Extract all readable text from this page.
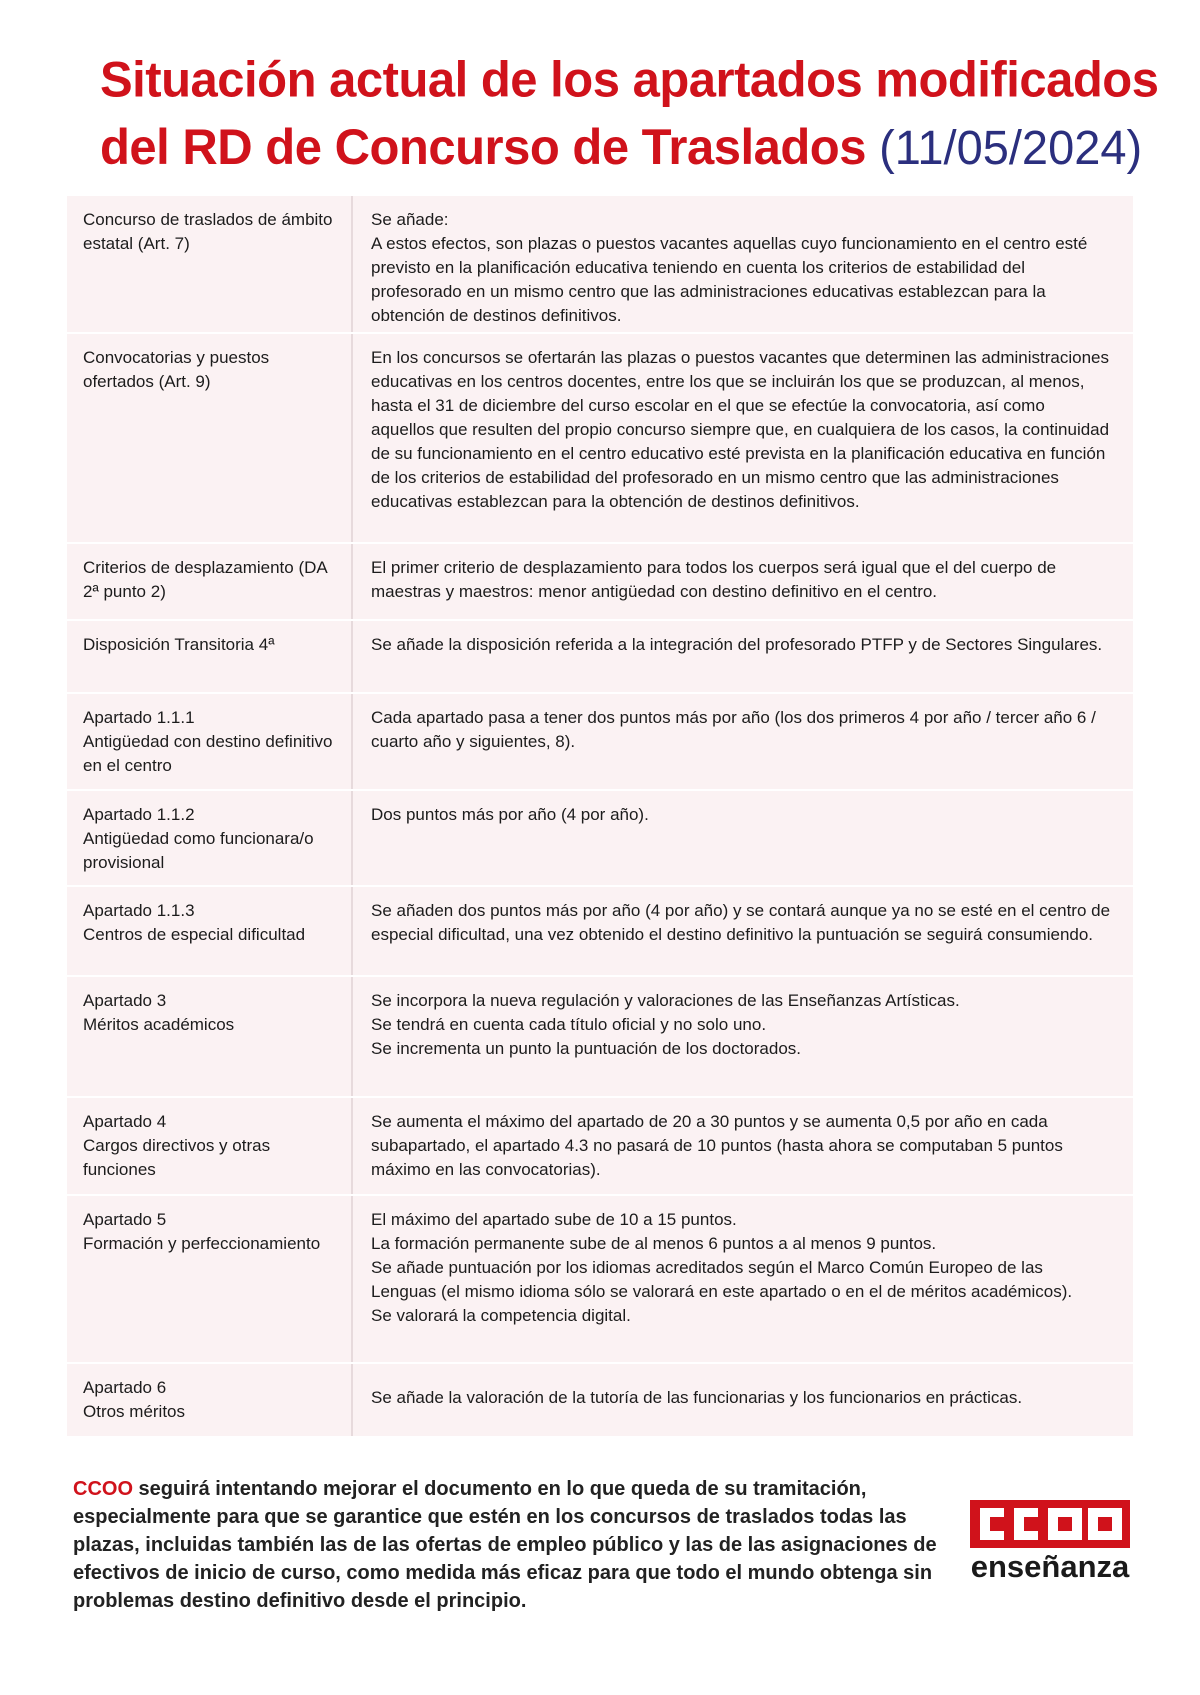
Situación actual de los apartados modificados
del RD de Concurso de Traslados (11/05/2024)
Concurso de traslados de ámbito estatal (Art. 7)	Se añade:
A estos efectos, son plazas o puestos vacantes aquellas cuyo funcionamiento en el centro esté previsto en la planificación educativa teniendo en cuenta los criterios de estabilidad del profesorado en un mismo centro que las administraciones educativas establezcan para la obtención de destinos definitivos.

Convocatorias y puestos ofertados (Art. 9)	En los concursos se ofertarán las plazas o puestos vacantes que determinen las administraciones educativas en los centros docentes, entre los que se incluirán los que se produzcan, al menos, hasta el 31 de diciembre del curso escolar en el que se efectúe la convocatoria, así como aquellos que resulten del propio concurso siempre que, en cualquiera de los casos, la continuidad de su funcionamiento en el centro educativo esté prevista en la planificación educativa en función de los criterios de estabilidad del profesorado en un mismo centro que las administraciones educativas establezcan para la obtención de destinos definitivos.

Criterios de desplazamiento (DA 2ª punto 2)	El primer criterio de desplazamiento para todos los cuerpos será igual que el del cuerpo de maestras y maestros: menor antigüedad con destino definitivo en el centro.

Disposición Transitoria 4ª	Se añade la disposición referida a la integración del profesorado PTFP y de Sectores Singulares.

Apartado 1.1.1
Antigüedad con destino definitivo en el centro	Cada apartado pasa a tener dos puntos más por año (los dos primeros 4 por año / tercer año 6 / cuarto año y siguientes, 8).

Apartado 1.1.2
Antigüedad como funcionara/o provisional	Dos puntos más por año (4 por año).

Apartado 1.1.3
Centros de especial dificultad	Se añaden dos puntos más por año (4 por año) y se contará aunque ya no se esté en el centro de especial dificultad, una vez obtenido el destino definitivo la puntuación se seguirá consumiendo.

Apartado 3
Méritos académicos	Se incorpora la nueva regulación y valoraciones de las Enseñanzas Artísticas.
Se tendrá en cuenta cada título oficial y no solo uno.
Se incrementa un punto la puntuación de los doctorados.

Apartado 4
Cargos directivos y otras funciones	Se aumenta el máximo del apartado de 20 a 30 puntos y se aumenta 0,5 por año en cada subapartado, el apartado 4.3 no pasará de 10 puntos (hasta ahora se computaban 5 puntos máximo en las convocatorias).

Apartado 5
Formación y perfeccionamiento	El máximo del apartado sube de 10 a 15 puntos.
La formación permanente sube de al menos 6 puntos a al menos 9 puntos.
Se añade puntuación por los idiomas acreditados según el Marco Común Europeo de las Lenguas (el mismo idioma sólo se valorará en este apartado o en el de méritos académicos).
Se valorará la competencia digital.

Apartado 6
Otros méritos	Se añade la valoración de la tutoría de las funcionarias y los funcionarios en prácticas.

CCOO seguirá intentando mejorar el documento en lo que queda de su tramitación, especialmente para que se garantice que estén en los concursos de traslados todas las plazas, incluidas también las de las ofertas de empleo público y las de las asignaciones de efectivos de inicio de curso, como medida más eficaz para que todo el mundo obtenga sin problemas destino definitivo desde el principio.

enseñanza
